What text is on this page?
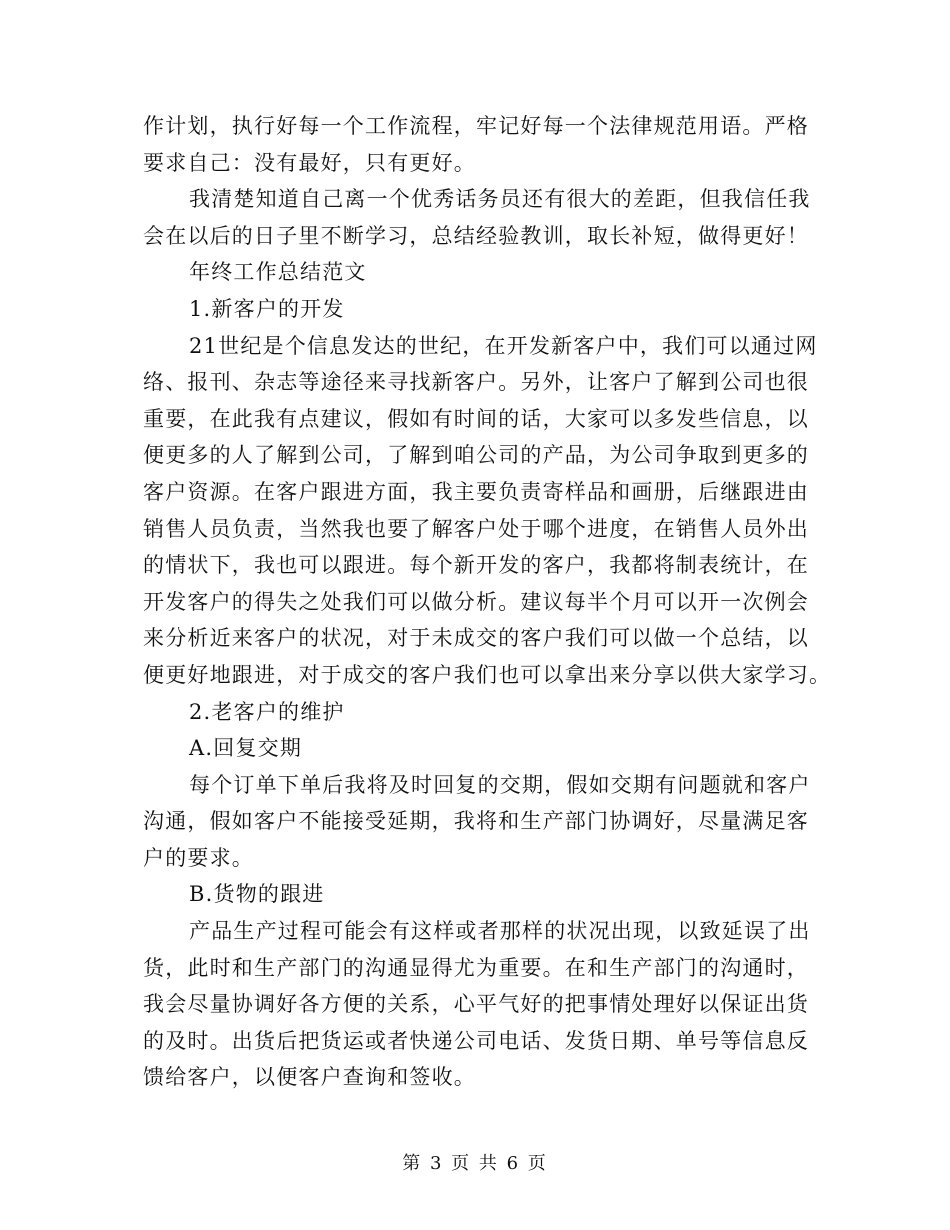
作计划，执行好每一个工作流程，牢记好每一个法律规范用语。严格
要求自己：没有最好，只有更好。
我清楚知道自己离一个优秀话务员还有很大的差距，但我信任我
会在以后的日子里不断学习，总结经验教训，取长补短，做得更好！
年终工作总结范文
1.新客户的开发
21世纪是个信息发达的世纪，在开发新客户中，我们可以通过网
络、报刊、杂志等途径来寻找新客户。另外，让客户了解到公司也很
重要，在此我有点建议，假如有时间的话，大家可以多发些信息，以
便更多的人了解到公司，了解到咱公司的产品，为公司争取到更多的
客户资源。在客户跟进方面，我主要负责寄样品和画册，后继跟进由
销售人员负责，当然我也要了解客户处于哪个进度，在销售人员外出
的情状下，我也可以跟进。每个新开发的客户，我都将制表统计，在
开发客户的得失之处我们可以做分析。建议每半个月可以开一次例会
来分析近来客户的状况，对于未成交的客户我们可以做一个总结，以
便更好地跟进，对于成交的客户我们也可以拿出来分享以供大家学习。
2.老客户的维护
A.回复交期
每个订单下单后我将及时回复的交期，假如交期有问题就和客户
沟通，假如客户不能接受延期，我将和生产部门协调好，尽量满足客
户的要求。
B.货物的跟进
产品生产过程可能会有这样或者那样的状况出现，以致延误了出
货，此时和生产部门的沟通显得尤为重要。在和生产部门的沟通时，
我会尽量协调好各方便的关系，心平气好的把事情处理好以保证出货
的及时。出货后把货运或者快递公司电话、发货日期、单号等信息反
馈给客户，以便客户查询和签收。
第 3 页 共 6 页
